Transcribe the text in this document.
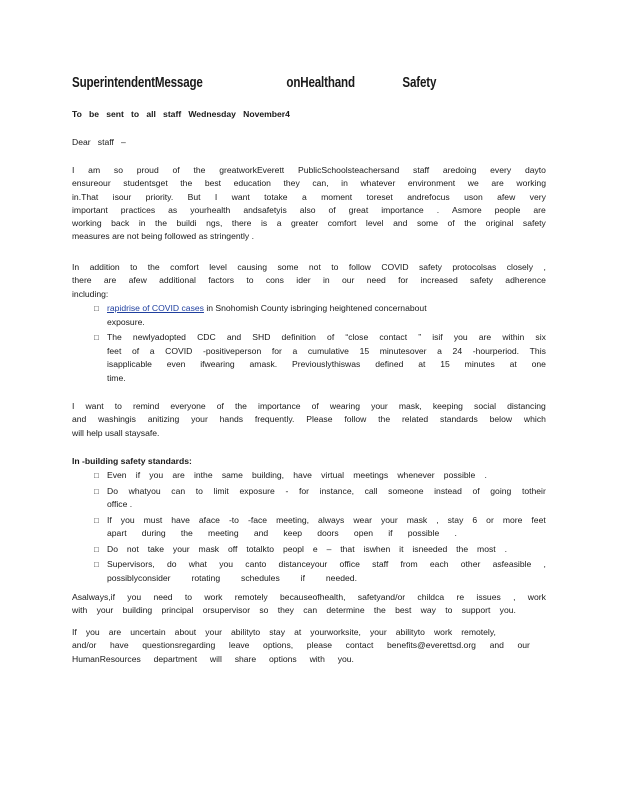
SuperintendentMessage	onHealthand	Safety
To   be   sent   to   all   staff   Wednesday   November4
Dear   staff   –
I am so proud of the greatworkEverett PublicSchoolsteachersand staff aredoing every dayto
ensureour studentsget the best education they can, in whatever environment we are working
in.That isour priority. But I want totake a moment toreset andrefocus uson afew very
important practices as yourhealth andsafetyis also of great importance . Asmore people are
working back in the buildi ngs, there is a greater comfort level and some of the original safety
measures are not being followed as stringently .
In addition to the comfort level causing some not to follow COVID safety protocolsas closely ,
there are afew additional factors to cons ider in our need for increased safety adherence
including:
□ rapidrise of COVID cases in Snohomish County isbringing heightened concernabout
exposure.
□ The newlyadopted CDC and SHD definition of “close contact ” isif you are within six
feet of a COVID -positiveperson for a cumulative 15 minutesover a 24 -hourperiod. This
isapplicable even ifwearing amask. Previouslythiswas defined at 15 minutes at one
time.
I want to remind everyone of the importance of wearing your mask, keeping social distancing
and washingis anitizing your hands frequently. Please follow the related standards below which
will help usall staysafe.
In -building safety standards:
□ Even if you are inthe same building, have virtual meetings whenever possible .
□ Do whatyou can to limit exposure - for instance, call someone instead of going totheir
office .
□ If you must have aface -to -face meeting, always wear your mask , stay 6 or more feet
apart during the meeting and keep doors open if possible .
□ Do not take your mask off totalkto peopl e – that iswhen it isneeded the most .
□ Supervisors, do what you canto distanceyour office staff from each other asfeasible ,
possiblyconsider rotating schedules if needed.
Asalways,if you need to work remotely becauseofhealth, safetyand/or childca re issues , work
with your building principal orsupervisor so they can determine the best way to support you.
If you are uncertain about your abilityto stay at yourworksite, your abilityto work remotely,
and/or have questionsregarding leave options, please contact benefits@everettsd.org and our
HumanResources department will share options with you.
